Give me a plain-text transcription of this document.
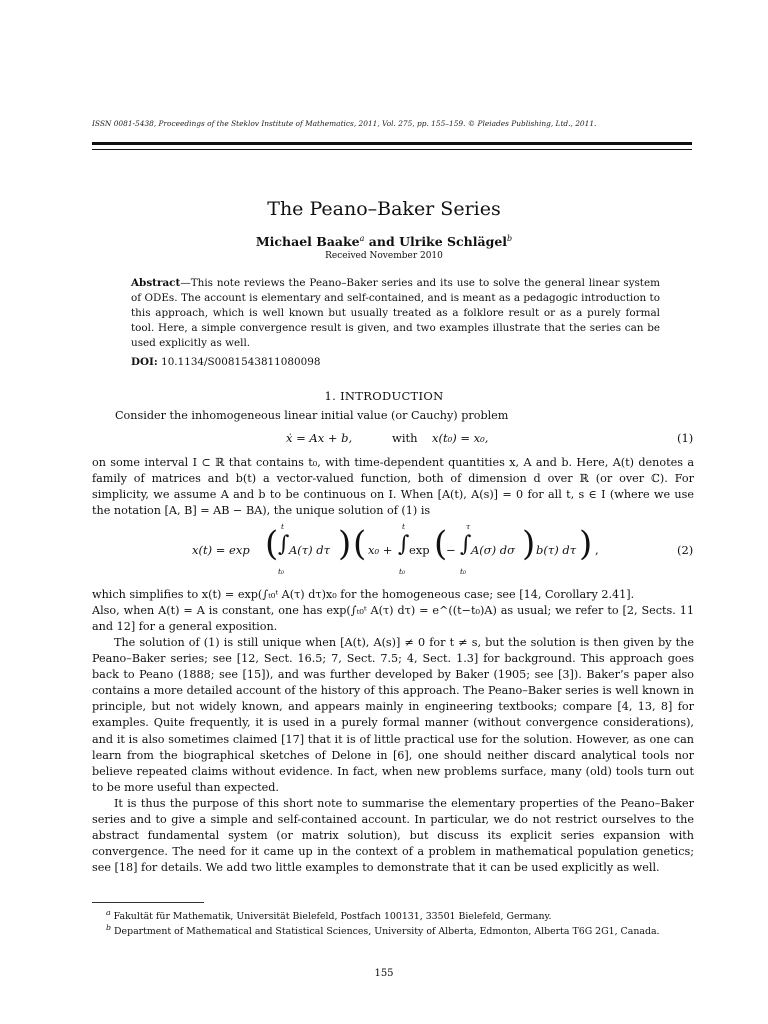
ISSN 0081-5438, Proceedings of the Steklov Institute of Mathematics, 2011, Vol. 275, pp. 155–159. © Pleiades Publishing, Ltd., 2011.
The Peano–Baker Series
Michael Baake$^a$ and Ulrike Schlägel$^b$
Received November 2010
Abstract—This note reviews the Peano–Baker series and its use to solve the general linear system of ODEs. The account is elementary and self-contained, and is meant as a pedagogic introduction to this approach, which is well known but usually treated as a folklore result or as a purely formal tool. Here, a simple convergence result is given, and two examples illustrate that the series can be used explicitly as well.
DOI: 10.1134/S0081543811080098
1. INTRODUCTION
Consider the inhomogeneous linear initial value (or Cauchy) problem
ẋ = Ax + b,	with x(t₀) = x₀,	(1)
on some interval I ⊂ ℝ that contains t₀, with time-dependent quantities x, A and b. Here, A(t) denotes a family of matrices and b(t) a vector-valued function, both of dimension d over ℝ (or over ℂ). For simplicity, we assume A and b to be continuous on I. When [A(t), A(s)] = 0 for all t, s ∈ I (where we use the notation [A, B] = AB − BA), the unique solution of (1) is
x(t) = exp ( t
∫
t₀
A(τ) dτ ) ( x₀ +
t
∫
t₀
exp (
−
τ
∫
t₀
A(σ) dσ ) b(τ) dτ ) ,	(2)
which simplifies to x(t) = exp(∫ₜ₀ᵗ A(τ) dτ)x₀ for the homogeneous case; see [14, Corollary 2.41].
Also, when A(t) = A is constant, one has exp(∫ₜ₀ᵗ A(τ) dτ) = e^((t−t₀)A) as usual; we refer to [2, Sects. 11 and 12] for a general exposition.
The solution of (1) is still unique when [A(t), A(s)] ≠ 0 for t ≠ s, but the solution is then given by the Peano–Baker series; see [12, Sect. 16.5; 7, Sect. 7.5; 4, Sect. 1.3] for background. This approach goes back to Peano (1888; see [15]), and was further developed by Baker (1905; see [3]). Baker’s paper also contains a more detailed account of the history of this approach. The Peano–Baker series is well known in principle, but not widely known, and appears mainly in engineering textbooks; compare [4, 13, 8] for examples. Quite frequently, it is used in a purely formal manner (without convergence considerations), and it is also sometimes claimed [17] that it is of little practical use for the solution. However, as one can learn from the biographical sketches of Delone in [6], one should neither discard analytical tools nor believe repeated claims without evidence. In fact, when new problems surface, many (old) tools turn out to be more useful than expected.
It is thus the purpose of this short note to summarise the elementary properties of the Peano–Baker series and to give a simple and self-contained account. In particular, we do not restrict ourselves to the abstract fundamental system (or matrix solution), but discuss its explicit series expansion with convergence. The need for it came up in the context of a problem in mathematical population genetics; see [18] for details. We add two little examples to demonstrate that it can be used explicitly as well.
$^a$ Fakultät für Mathematik, Universität Bielefeld, Postfach 100131, 33501 Bielefeld, Germany.
$^b$ Department of Mathematical and Statistical Sciences, University of Alberta, Edmonton, Alberta T6G 2G1, Canada.
155
